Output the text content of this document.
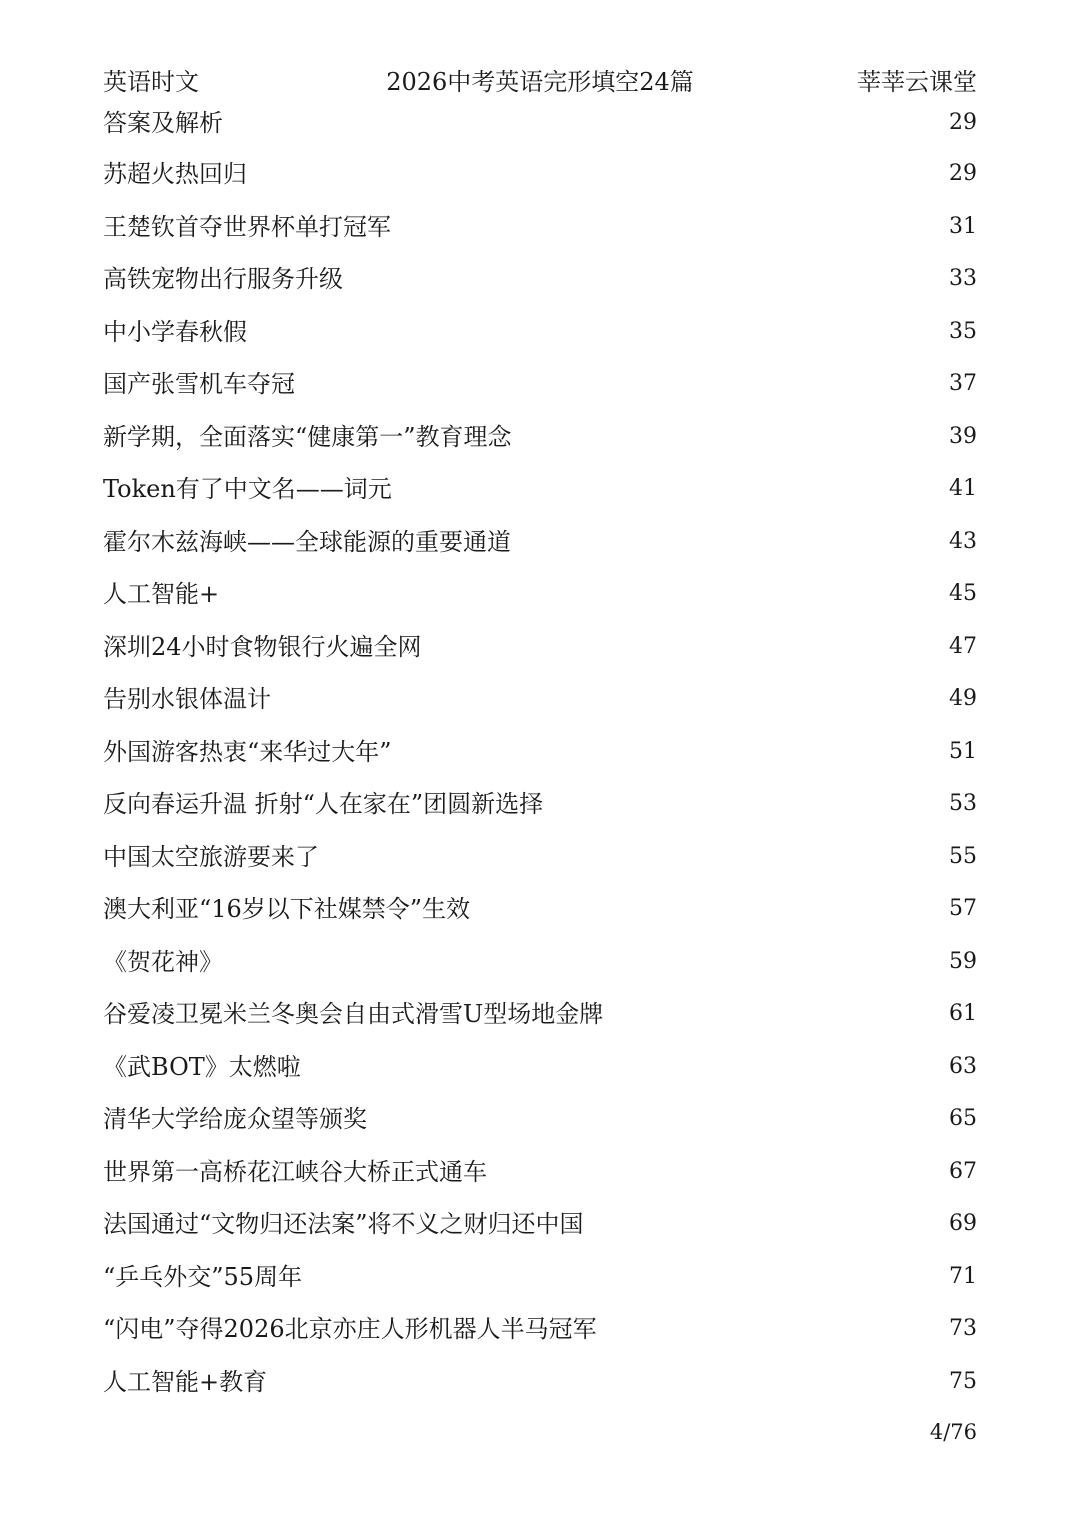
英语时文	2026中考英语完形填空24篇	莘莘云课堂
答案及解析	29
苏超火热回归	29
王楚钦首夺世界杯单打冠军	31
高铁宠物出行服务升级	33
中小学春秋假	35
国产张雪机车夺冠	37
新学期，全面落实“健康第一”教育理念	39
Token有了中文名——词元	41
霍尔木兹海峡——全球能源的重要通道	43
人工智能+	45
深圳24小时食物银行火遍全网	47
告别水银体温计	49
外国游客热衷“来华过大年”	51
反向春运升温 折射“人在家在”团圆新选择	53
中国太空旅游要来了	55
澳大利亚“16岁以下社媒禁令”生效	57
《贺花神》	59
谷爱凌卫冕米兰冬奥会自由式滑雪U型场地金牌	61
《武BOT》太燃啦	63
清华大学给庞众望等颁奖	65
世界第一高桥花江峡谷大桥正式通车	67
法国通过“文物归还法案”将不义之财归还中国	69
“乒乓外交”55周年	71
“闪电”夺得2026北京亦庄人形机器人半马冠军	73
人工智能+教育	75
4/76
